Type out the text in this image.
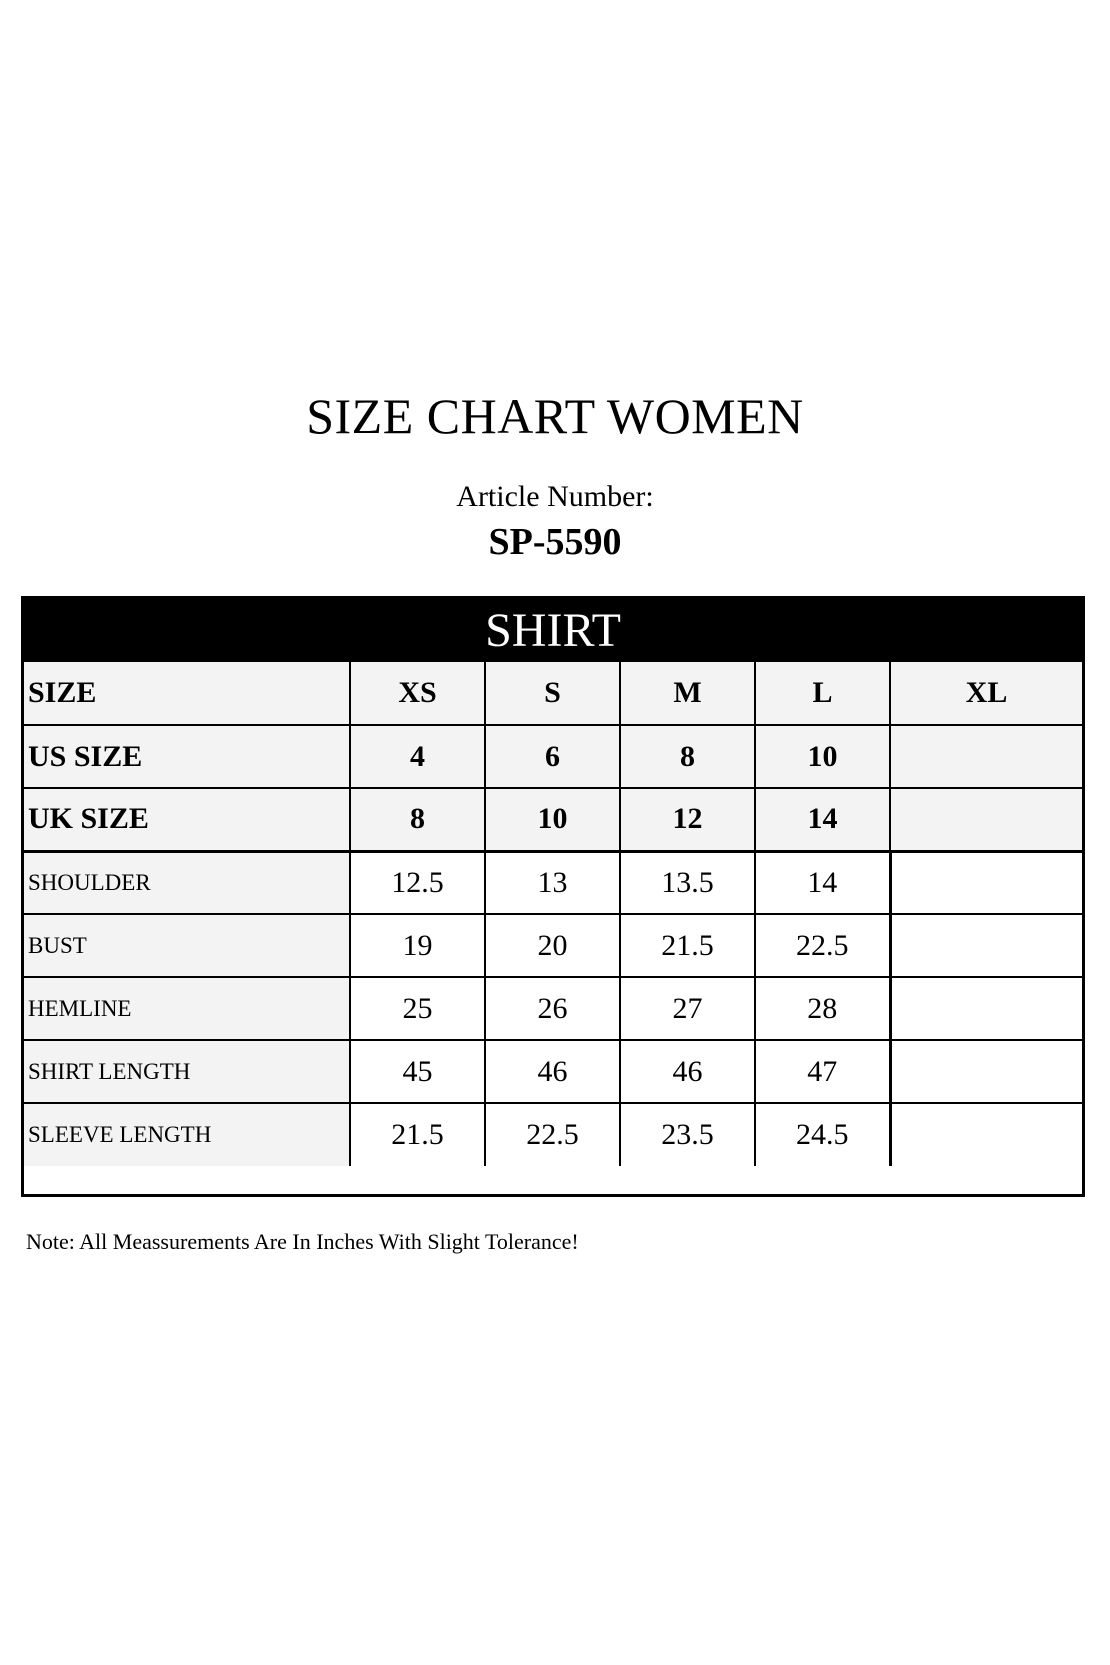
SIZE CHART WOMEN
Article Number:
SP-5590
SHIRT
SIZE	XS	S	M	L	XL
US SIZE	4	6	8	10	
UK SIZE	8	10	12	14	
SHOULDER	12.5	13	13.5	14	
BUST	19	20	21.5	22.5	
HEMLINE	25	26	27	28	
SHIRT LENGTH	45	46	46	47	
SLEEVE LENGTH	21.5	22.5	23.5	24.5	
Note: All Meassurements Are In Inches With Slight Tolerance!
